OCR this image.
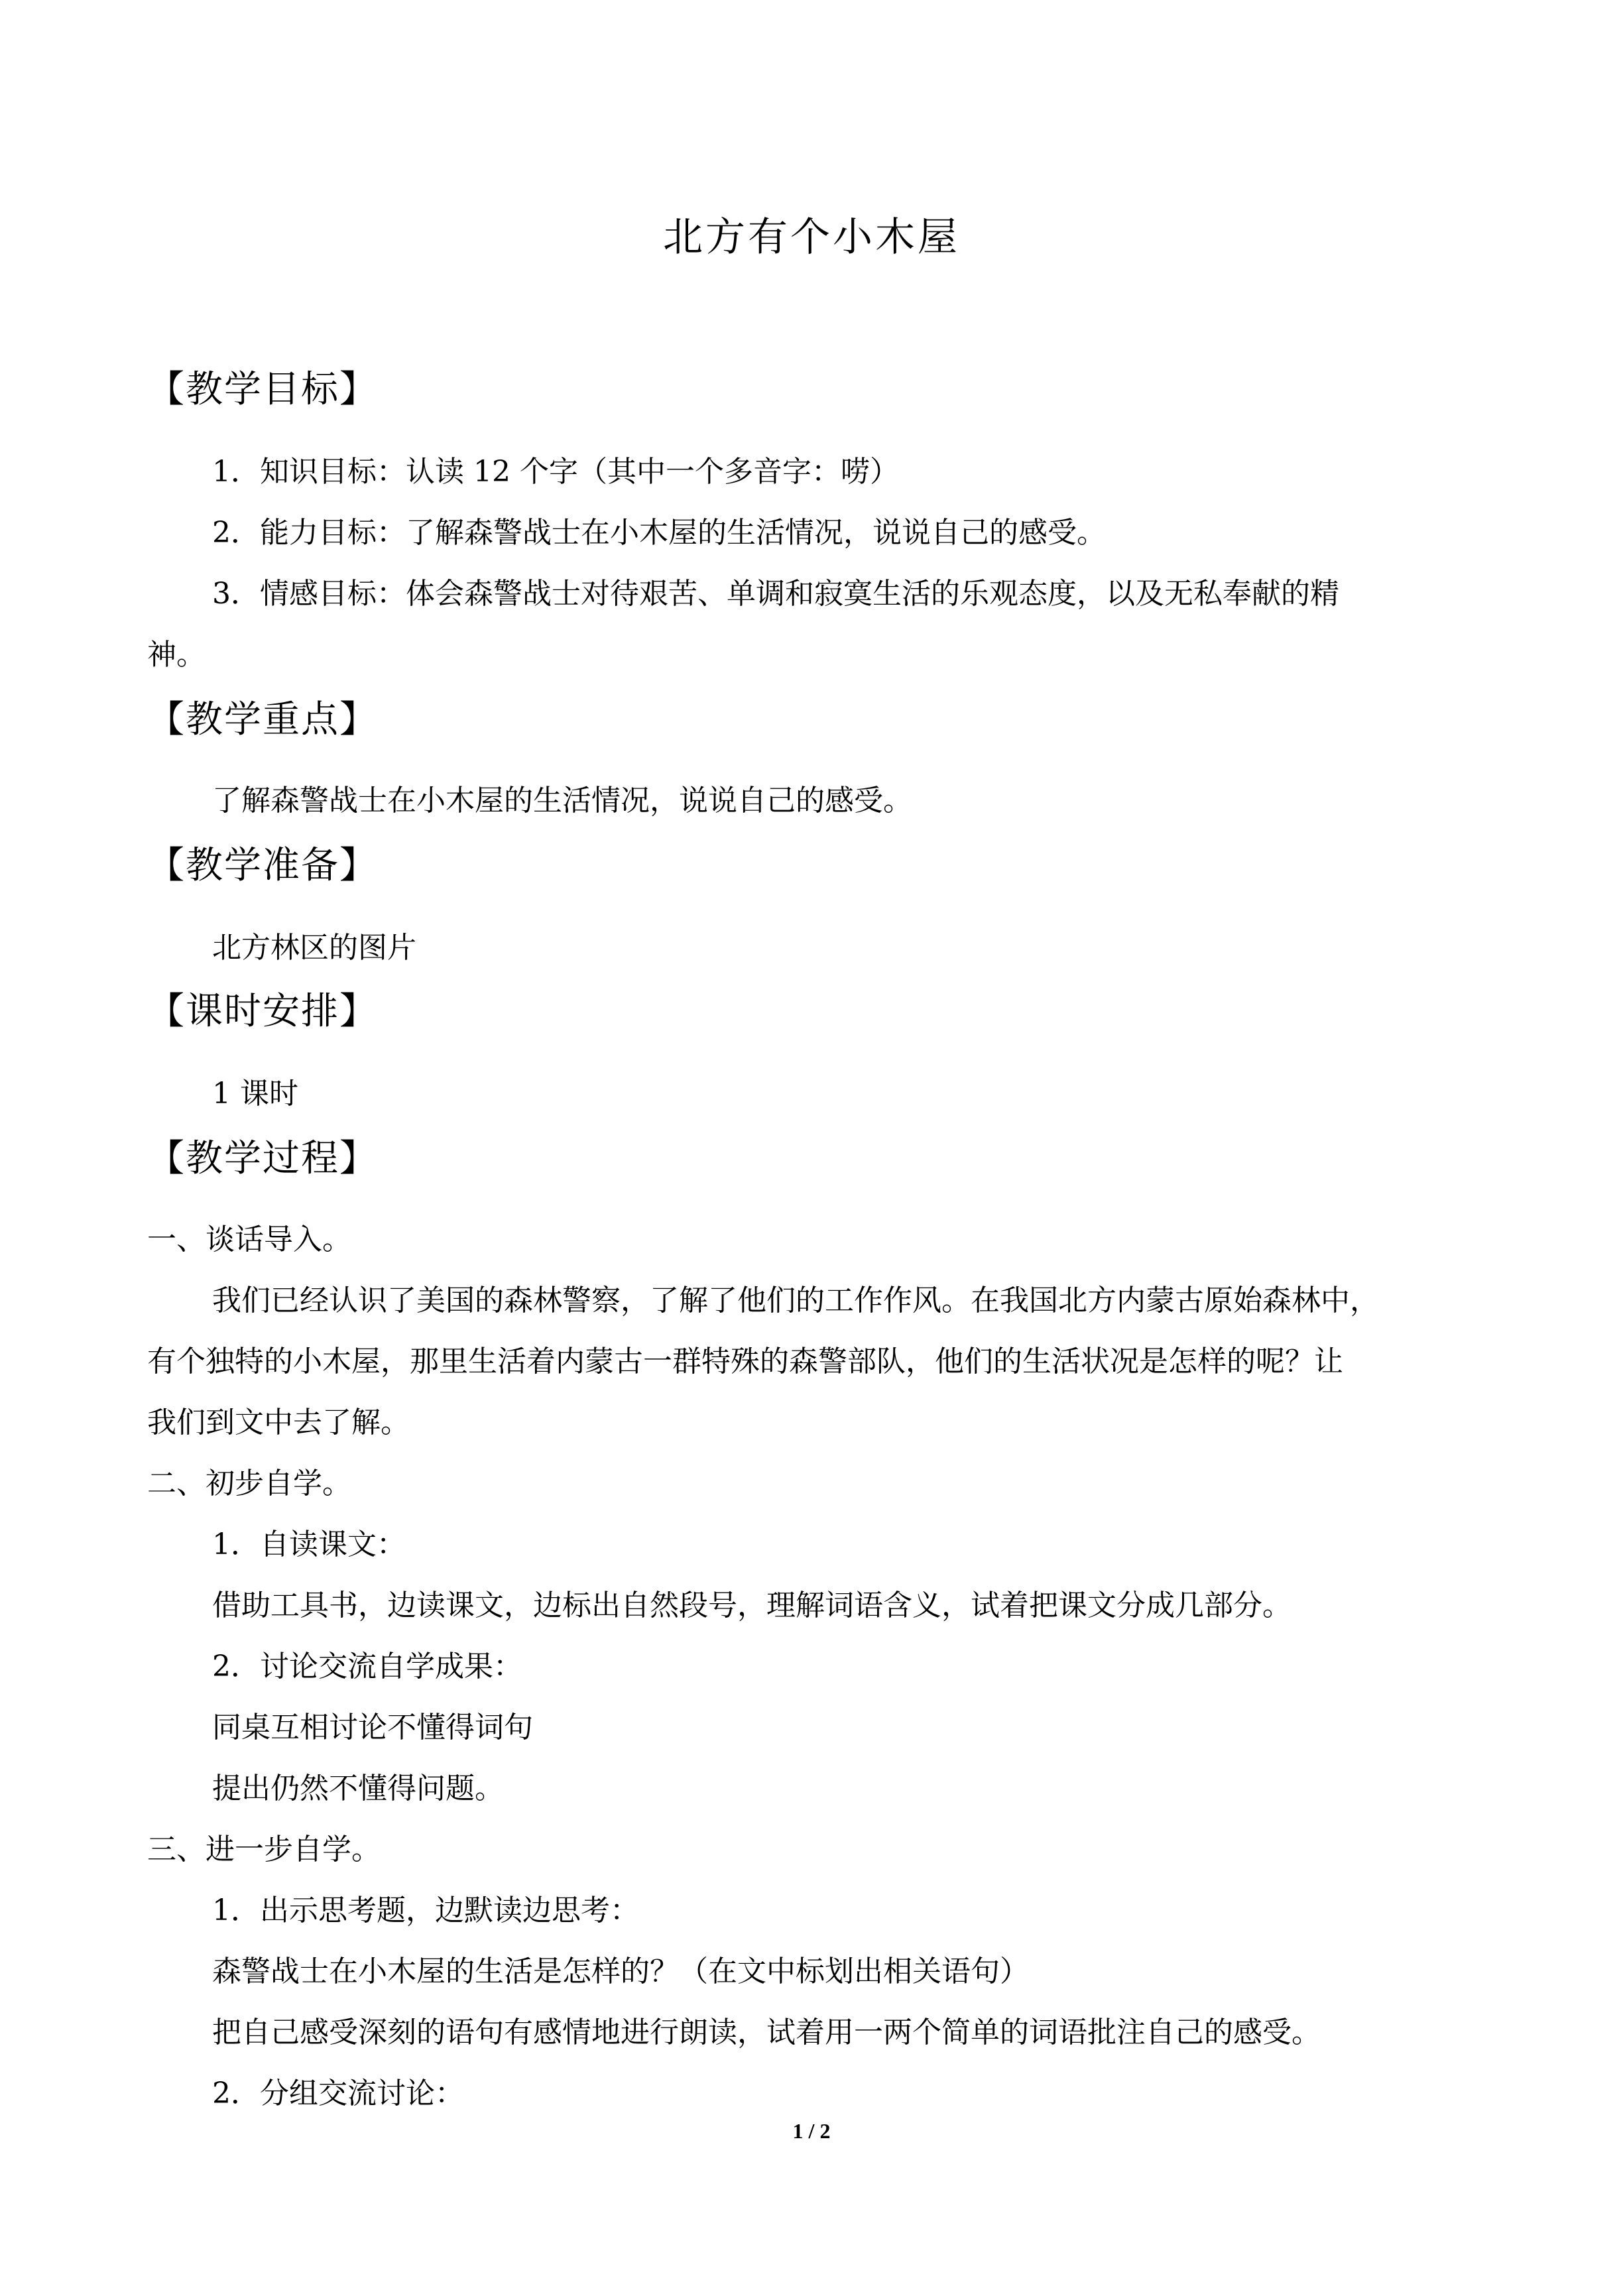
北方有个小木屋
【教学目标】
1．知识目标：认读 12 个字（其中一个多音字：唠）
2．能力目标：了解森警战士在小木屋的生活情况，说说自己的感受。
3．情感目标：体会森警战士对待艰苦、单调和寂寞生活的乐观态度，以及无私奉献的精
神。
【教学重点】
了解森警战士在小木屋的生活情况，说说自己的感受。
【教学准备】
北方林区的图片
【课时安排】
1 课时
【教学过程】
一、谈话导入。
我们已经认识了美国的森林警察，了解了他们的工作作风。在我国北方内蒙古原始森林中，
有个独特的小木屋，那里生活着内蒙古一群特殊的森警部队，他们的生活状况是怎样的呢？让
我们到文中去了解。
二、初步自学。
1．自读课文：
借助工具书，边读课文，边标出自然段号，理解词语含义，试着把课文分成几部分。
2．讨论交流自学成果：
同桌互相讨论不懂得词句
提出仍然不懂得问题。
三、进一步自学。
1．出示思考题，边默读边思考：
森警战士在小木屋的生活是怎样的？（在文中标划出相关语句）
把自己感受深刻的语句有感情地进行朗读，试着用一两个简单的词语批注自己的感受。
2．分组交流讨论：
1 / 2
